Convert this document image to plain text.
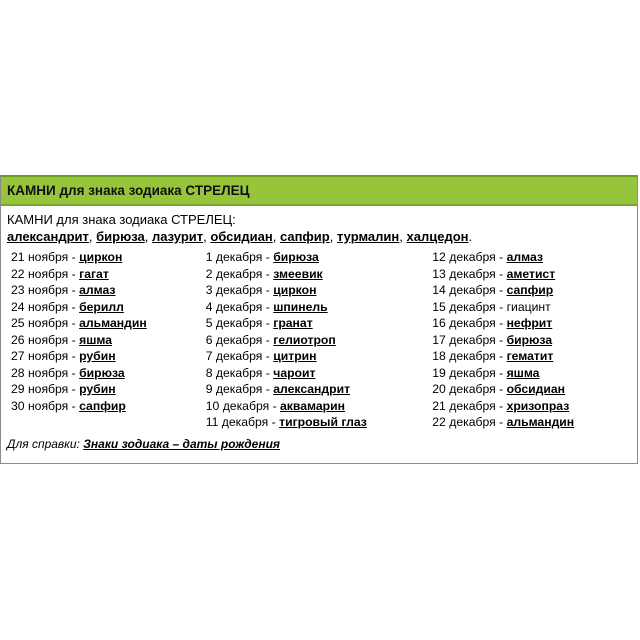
КАМНИ для знака зодиака СТРЕЛЕЦ
КАМНИ для знака зодиака СТРЕЛЕЦ:
александрит, бирюза, лазурит, обсидиан, сапфир, турмалин, халцедон.
21 ноября - циркон
22 ноября - гагат
23 ноября - алмаз
24 ноября - берилл
25 ноября - альмандин
26 ноября - яшма
27 ноября - рубин
28 ноября - бирюза
29 ноября - рубин
30 ноября - сапфир
1 декабря - бирюза
2 декабря - змеевик
3 декабря - циркон
4 декабря - шпинель
5 декабря - гранат
6 декабря - гелиотроп
7 декабря - цитрин
8 декабря - чароит
9 декабря - александрит
10 декабря - аквамарин
11 декабря - тигровый глаз
12 декабря - алмаз
13 декабря - аметист
14 декабря - сапфир
15 декабря - гиацинт
16 декабря - нефрит
17 декабря - бирюза
18 декабря - гематит
19 декабря - яшма
20 декабря - обсидиан
21 декабря - хризопраз
22 декабря - альмандин
Для справки: Знаки зодиака – даты рождения
